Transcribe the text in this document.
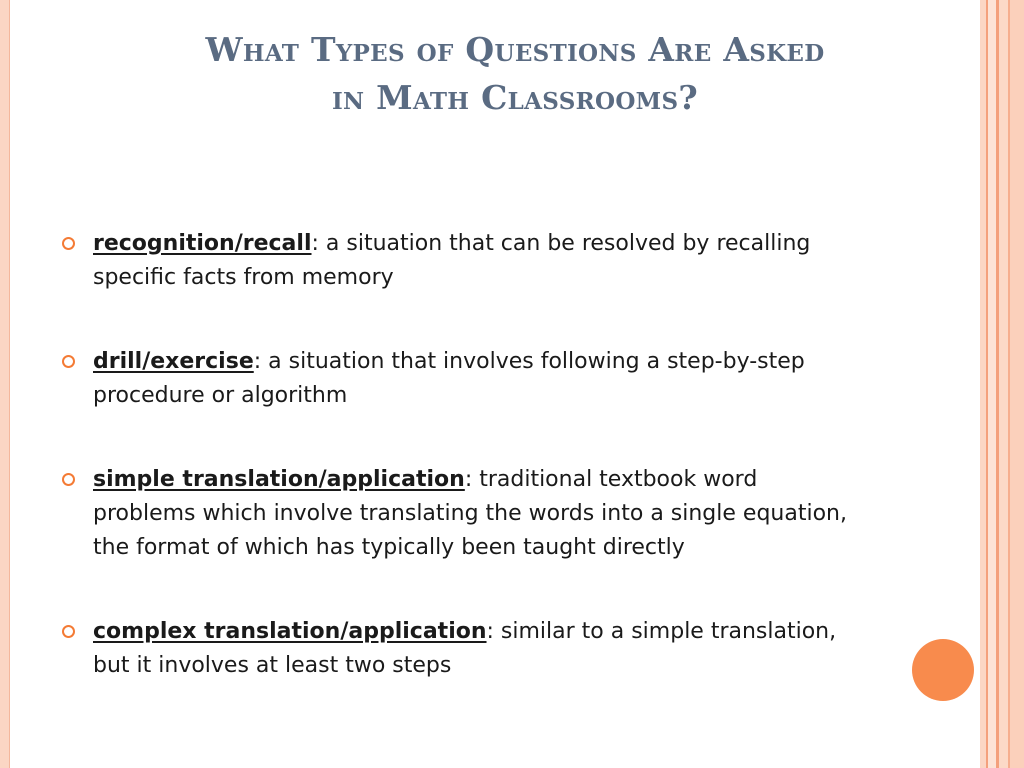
What Types of Questions Are Asked
in Math Classrooms?
recognition/recall: a situation that can be resolved by recalling specific facts from memory
drill/exercise: a situation that involves following a step-by-step procedure or algorithm
simple translation/application: traditional textbook word problems which involve translating the words into a single equation, the format of which has typically been taught directly
complex translation/application: similar to a simple translation, but it involves at least two steps
